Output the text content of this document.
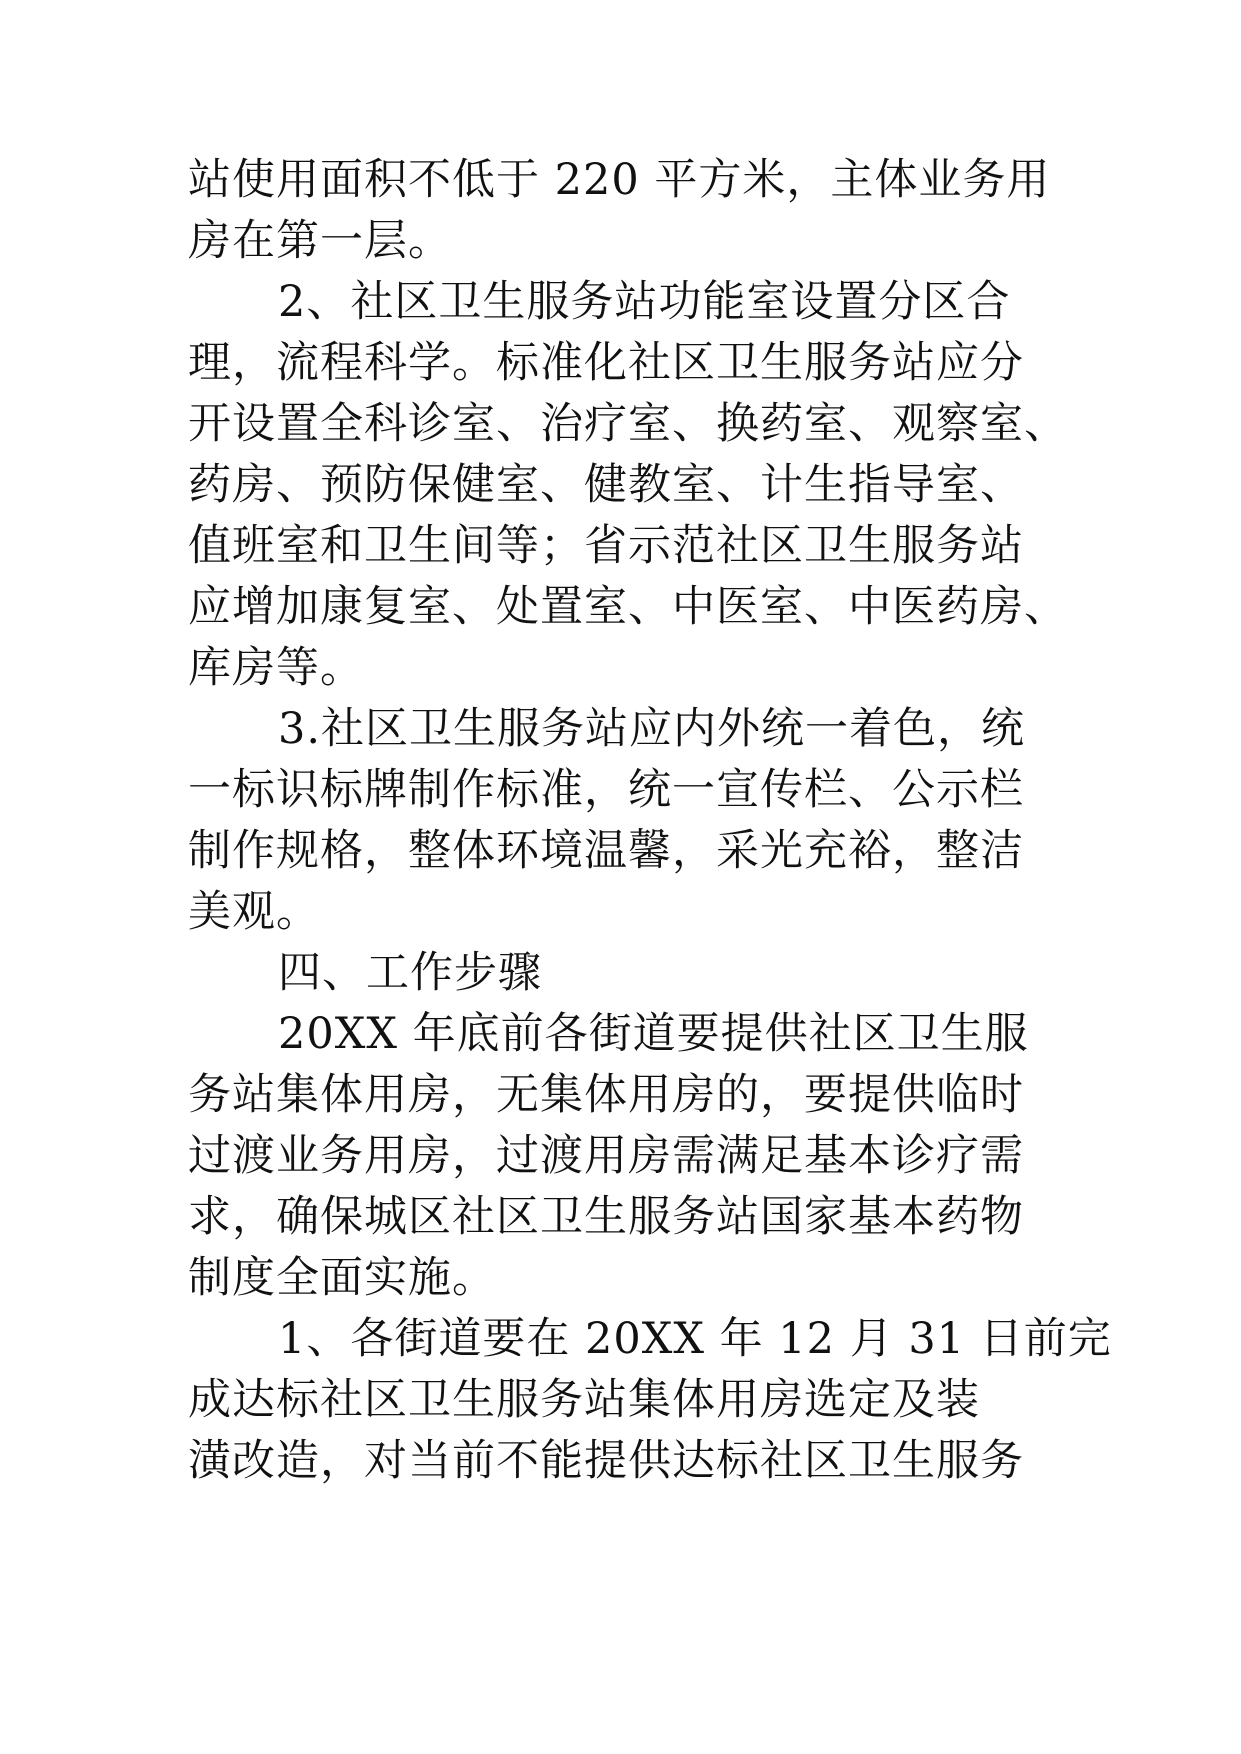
站使用面积不低于 220 平方米，主体业务用
房在第一层。
2、社区卫生服务站功能室设置分区合
理，流程科学。标准化社区卫生服务站应分
开设置全科诊室、治疗室、换药室、观察室、
药房、预防保健室、健教室、计生指导室、
值班室和卫生间等；省示范社区卫生服务站
应增加康复室、处置室、中医室、中医药房、
库房等。
3.社区卫生服务站应内外统一着色，统
一标识标牌制作标准，统一宣传栏、公示栏
制作规格，整体环境温馨，采光充裕，整洁
美观。
四、工作步骤
20XX 年底前各街道要提供社区卫生服
务站集体用房，无集体用房的，要提供临时
过渡业务用房，过渡用房需满足基本诊疗需
求，确保城区社区卫生服务站国家基本药物
制度全面实施。
1、各街道要在 20XX 年 12 月 31 日前完
成达标社区卫生服务站集体用房选定及装
潢改造，对当前不能提供达标社区卫生服务
